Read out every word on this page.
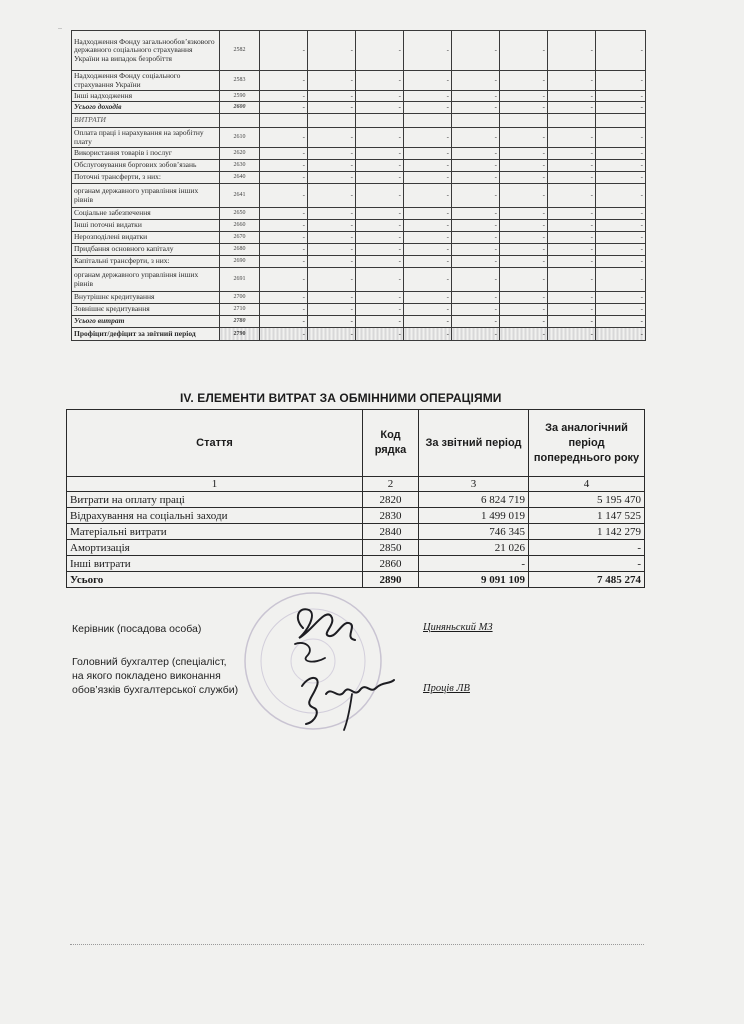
..
Надходження Фонду загальнообов’язкового державного соціального страхування України на випадок безробіття	2582	-	-	-	-	-	-	-	-
Надходження Фонду соціального страхування України	2583	-	-	-	-	-	-	-	-
Інші надходження	2590	-	-	-	-	-	-	-	-
Усього доходів	2600	-	-	-	-	-	-	-	-
ВИТРАТИ									
Оплата праці і нарахування на заробітну плату	2610	-	-	-	-	-	-	-	-
Використання товарів і послуг	2620	-	-	-	-	-	-	-	-
Обслуговування боргових зобов’язань	2630	-	-	-	-	-	-	-	-
Поточні трансферти, з них:	2640	-	-	-	-	-	-	-	-
органам державного управління інших рівнів	2641	-	-	-	-	-	-	-	-
Соціальне забезпечення	2650	-	-	-	-	-	-	-	-
Інші поточні видатки	2660	-	-	-	-	-	-	-	-
Нерозподілені видатки	2670	-	-	-	-	-	-	-	-
Придбання основного капіталу	2680	-	-	-	-	-	-	-	-
Капітальні трансферти, з них:	2690	-	-	-	-	-	-	-	-
органам державного управління інших рівнів	2691	-	-	-	-	-	-	-	-
Внутрішнє кредитування	2700	-	-	-	-	-	-	-	-
Зовнішнє кредитування	2710	-	-	-	-	-	-	-	-
Усього витрат	2780	-	-	-	-	-	-	-	-
Профіцит/дефіцит за звітний період	2790	-	-	-	-	-	-	-	-
IV. ЕЛЕМЕНТИ ВИТРАТ ЗА ОБМІННИМИ ОПЕРАЦІЯМИ
Стаття	Код рядка	За звітний період	За аналогічний період попереднього року
1	2	3	4
Витрати на оплату праці	2820	6 824 719	5 195 470
Відрахування на соціальні заходи	2830	1 499 019	1 147 525
Матеріальні витрати	2840	746 345	1 142 279
Амортизація	2850	21 026	-
Інші витрати	2860	-	-
Усього	2890	9 091 109	7 485 274
Керівник (посадова особа)	Циняньский МЗ
Головний бухгалтер (спеціаліст,
на якого покладено виконання
обов’язків бухгалтерської служби)	Проців ЛВ
